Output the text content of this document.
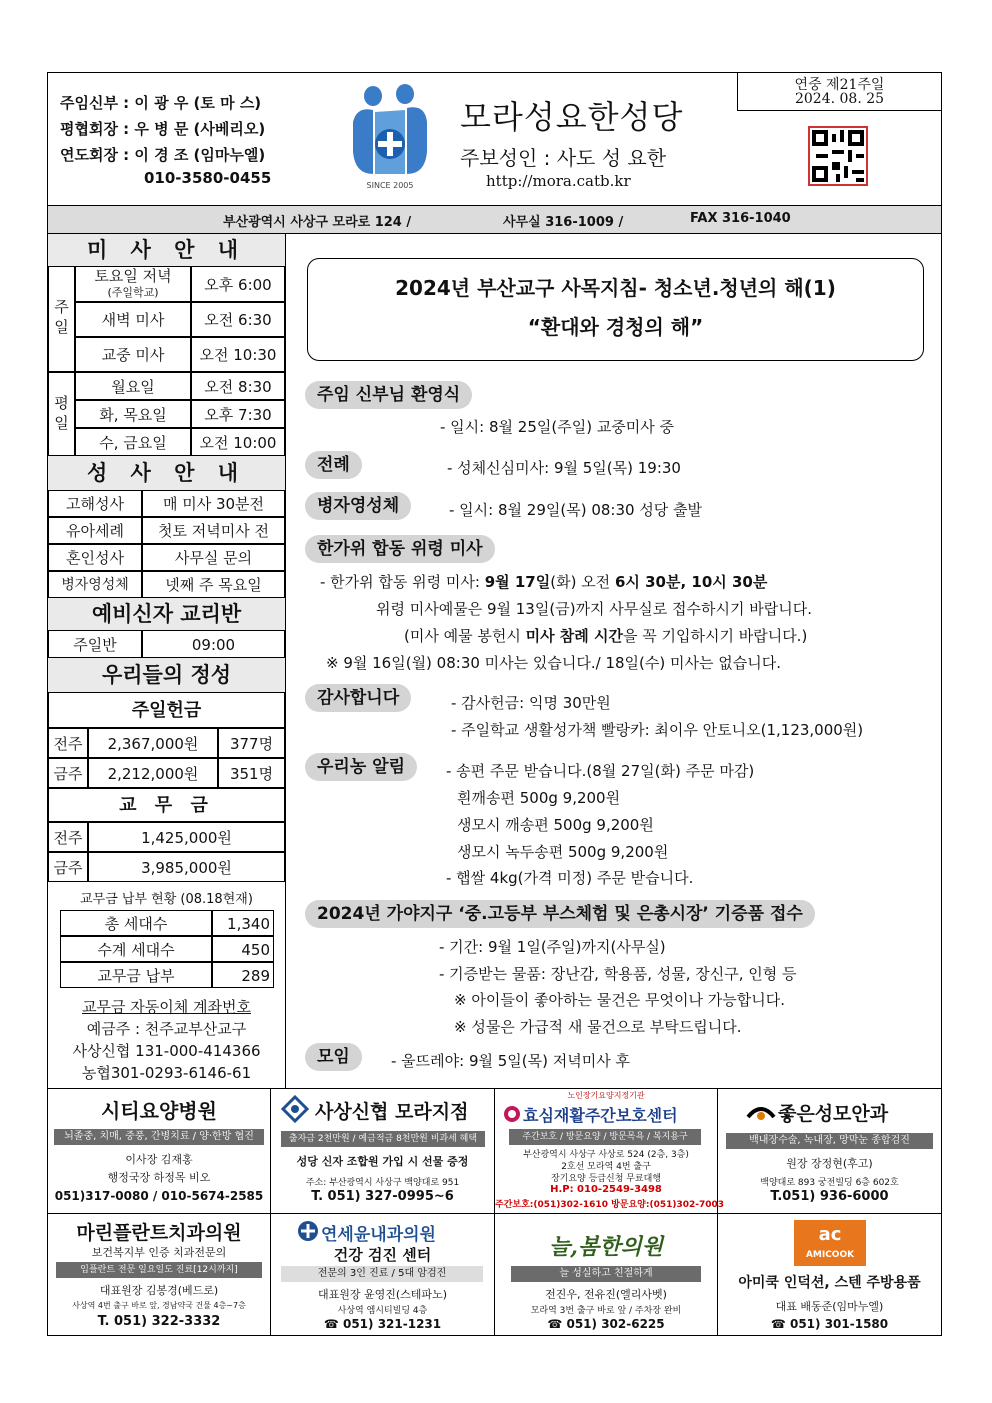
주임신부 : 이 광 우 (토 마 스)
평협회장 : 우 병 문 (사베리오)
연도회장 : 이 경 조 (임마누엘)
010-3580-0455	SINCE 2005
모라성요한성당
주보성인 : 사도 성 요한
http://mora.catb.kr
연중 제21주일
2024. 08. 25
부산광역시 사상구 모라로 124 /	사무실 316-1009 /	FAX 316-1040
미 사 안 내
주일
토요일 저녁
(주일학교)	오후 6:00
새벽 미사	오전 6:30
교중 미사	오전 10:30
평일
월요일	오전 8:30
화, 목요일	오후 7:30
수, 금요일	오전 10:00
성 사 안 내
고해성사	매 미사 30분전
유아세례	첫토 저녁미사 전
혼인성사	사무실 문의
병자영성체	넷째 주 목요일
예비신자 교리반
주일반	09:00
우리들의 정성
주일헌금
전주	2,367,000원	377명
금주	2,212,000원	351명
교 무 금
전주	1,425,000원
금주	3,985,000원
교무금 납부 현황 (08.18현재)
총 세대수	1,340
수계 세대수	450
교무금 납부	289
교무금 자동이체 계좌번호
예금주 : 천주교부산교구
사상신협 131-000-414366
농협301-0293-6146-61
2024년 부산교구 사목지침- 청소년.청년의 해(1)
“환대와 경청의 해”
주임 신부님 환영식
- 일시: 8월 25일(주일) 교중미사 중
전례	- 성체신심미사: 9월 5일(목) 19:30
병자영성체	- 일시: 8월 29일(목) 08:30 성당 출발
한가위 합동 위령 미사
- 한가위 합동 위령 미사: 9월 17일(화) 오전 6시 30분, 10시 30분
위령 미사예물은 9월 13일(금)까지 사무실로 접수하시기 바랍니다.
(미사 예물 봉헌시 미사 참례 시간을 꼭 기입하시기 바랍니다.)
※ 9월 16일(월) 08:30 미사는 있습니다./ 18일(수) 미사는 없습니다.
감사합니다	- 감사헌금: 익명 30만원
- 주일학교 생활성가책 빨랑카: 최이우 안토니오(1,123,000원)
우리농 알림	- 송편 주문 받습니다.(8월 27일(화) 주문 마감)
흰깨송편 500g 9,200원
생모시 깨송편 500g 9,200원
생모시 녹두송편 500g 9,200원
- 햅쌀 4kg(가격 미정) 주문 받습니다.
2024년 가야지구 ‘중.고등부 부스체험 및 은총시장’ 기증품 접수
- 기간: 9월 1일(주일)까지(사무실)
- 기증받는 물품: 장난감, 학용품, 성물, 장신구, 인형 등
※ 아이들이 좋아하는 물건은 무엇이나 가능합니다.
※ 성물은 가급적 새 물건으로 부탁드립니다.
모임	- 울뜨레야: 9월 5일(목) 저녁미사 후
시티요양병원
뇌졸중, 치매, 중풍, 간병치료 / 양·한방 협진
이사장 김재홍
행정국장 하정목 비오
051)317-0080 / 010-5674-2585
사상신협 모라지점
출자금 2천만원 / 예금적금 8천만원 비과세 혜택
성당 신자 조합원 가입 시 선물 증정
주소: 부산광역시 사상구 백양대로 951
T. 051) 327-0995~6
노인장기요양지정기관
효심재활주간보호센터
주간보호 / 방문요양 / 방문목욕 / 복지용구
부산광역시 사상구 사상로 524 (2층, 3층)
2호선 모라역 4번 출구
장기요양 등급신청 무료대행
H.P: 010-2549-3498
주간보호:(051)302-1610 방문요양:(051)302-7003
좋은성모안과
백내장수술, 녹내장, 망막눈 종합검진
원장 장정현(후고)
백양대로 893 궁전빌딩 6층 602호
T.051) 936-6000
마린플란트치과의원
보건복지부 인증 치과전문의
임플란트 전문 일요일도 진료[12시까지]
대표원장 김봉경(베드로)
사상역 4번 출구 바로 앞, 경남약국 건물 4층~7층
T. 051) 322-3332
연세윤내과의원
건강 검진 센터
전문의 3인 진료 / 5대 암검진
대표원장 윤영진(스테파노)
사상역 엠시티빌딩 4층
☎ 051) 321-1231
늘,봄한의원
늘 성실하고 친절하게
전진우, 전유진(엘리사벳)
모라역 3번 출구 바로 앞 / 주차장 완비
☎ 051) 302-6225
ac
AMICOOK
아미쿡 인덕션, 스텐 주방용품
대표 배동준(임마누엘)
☎ 051) 301-1580
